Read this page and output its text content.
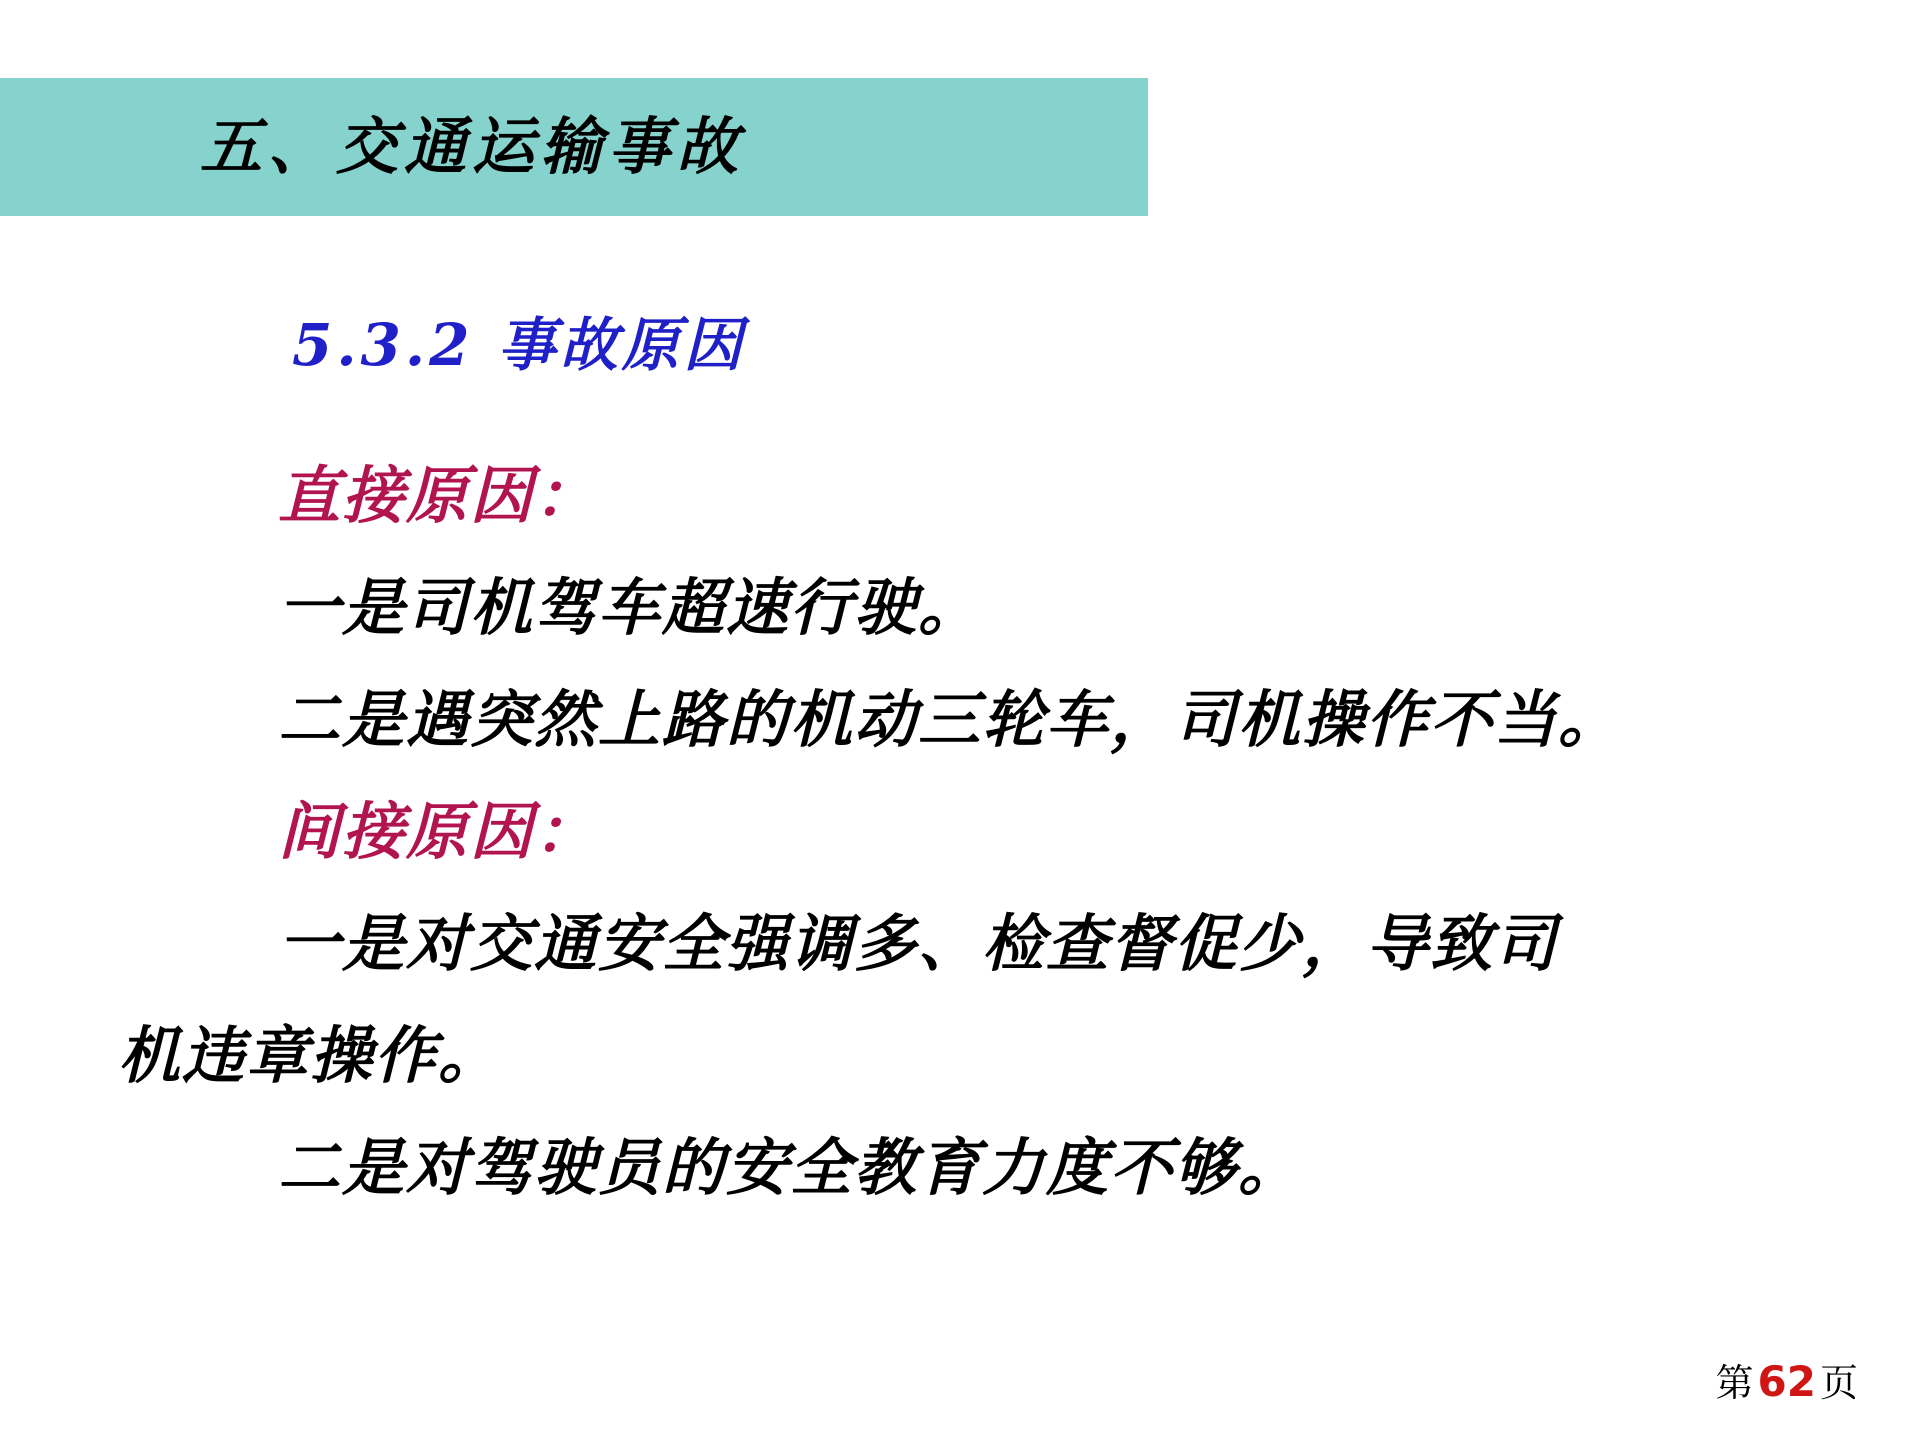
五、交通运输事故
5.3.2 事故原因
直接原因：
一是司机驾车超速行驶。
二是遇突然上路的机动三轮车，司机操作不当。
间接原因：
一是对交通安全强调多、检查督促少，导致司
机违章操作。
二是对驾驶员的安全教育力度不够。
第62 页
